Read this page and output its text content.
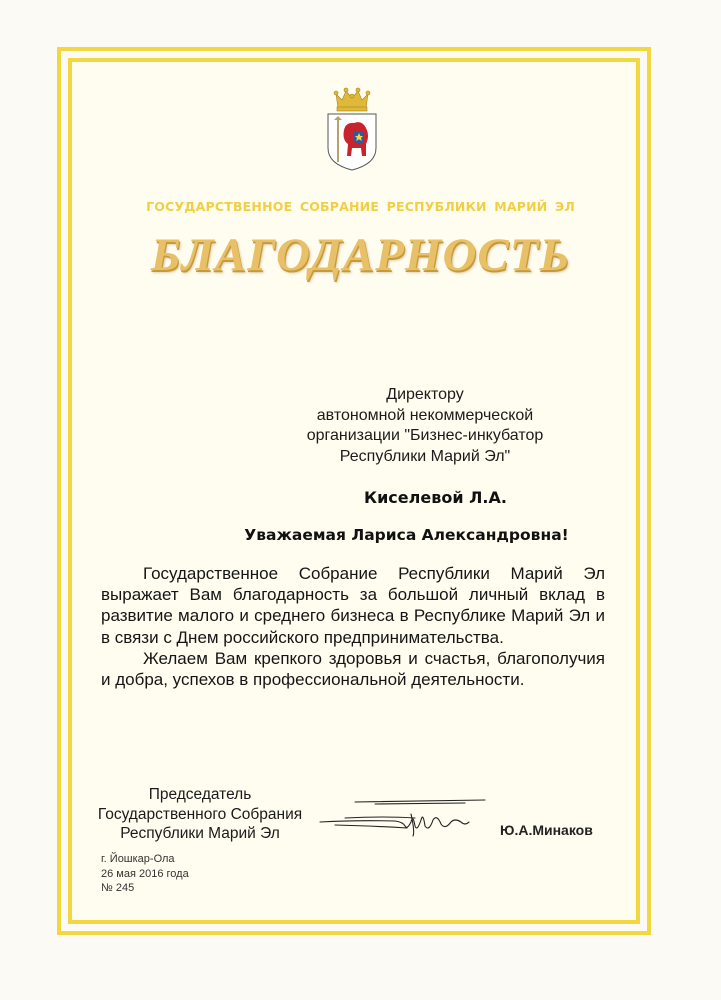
ГОСУДАРСТВЕННОЕ СОБРАНИЕ РЕСПУБЛИКИ МАРИЙ ЭЛ
БЛАГОДАРНОСТЬ
Директору
автономной некоммерческой
организации "Бизнес-инкубатор
Республики Марий Эл"
Киселевой Л.А.
Уважаемая Лариса Александровна!

Государственное Собрание Республики Марий Эл выражает Вам благодарность за большой личный вклад в развитие малого и среднего бизнеса в Республике Марий Эл и в связи с Днем российского предпринимательства.

Желаем Вам крепкого здоровья и счастья, благополучия и добра, успехов в профессиональной деятельности.

Председатель
Государственного Собрания
Республики Марий Эл	Ю.А.Минаков
г. Йошкар-Ола
26 мая 2016 года
№ 245
